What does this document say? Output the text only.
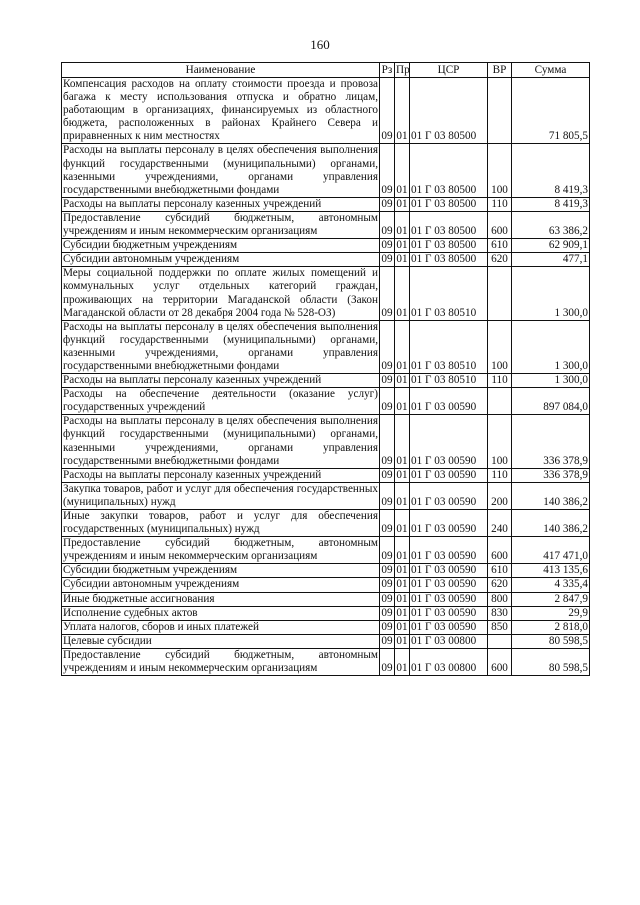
160
Наименование	Рз	Пр	ЦСР	ВР	Сумма
Компенсация расходов на оплату стоимости проезда и провоза багажа к месту использования отпуска и обратно лицам, работающим в организациях, финансируемых из областного бюджета, расположенных в районах Крайнего Севера и приравненных к ним местностях	09	01	01 Г 03 80500		71 805,5
Расходы на выплаты персоналу в целях обеспечения выполнения функций государственными (муниципальными) органами, казенными учреждениями, органами управления государственными внебюджетными фондами	09	01	01 Г 03 80500	100	8 419,3
Расходы на выплаты персоналу казенных учреждений	09	01	01 Г 03 80500	110	8 419,3
Предоставление субсидий бюджетным, автономным учреждениям и иным некоммерческим организациям	09	01	01 Г 03 80500	600	63 386,2
Субсидии бюджетным учреждениям	09	01	01 Г 03 80500	610	62 909,1
Субсидии автономным учреждениям	09	01	01 Г 03 80500	620	477,1
Меры социальной поддержки по оплате жилых помещений и коммунальных услуг отдельных категорий граждан, проживающих на территории Магаданской области (Закон Магаданской области от 28 декабря 2004 года № 528-ОЗ)	09	01	01 Г 03 80510		1 300,0
Расходы на выплаты персоналу в целях обеспечения выполнения функций государственными (муниципальными) органами, казенными учреждениями, органами управления государственными внебюджетными фондами	09	01	01 Г 03 80510	100	1 300,0
Расходы на выплаты персоналу казенных учреждений	09	01	01 Г 03 80510	110	1 300,0
Расходы на обеспечение деятельности (оказание услуг) государственных учреждений	09	01	01 Г 03 00590		897 084,0
Расходы на выплаты персоналу в целях обеспечения выполнения функций государственными (муниципальными) органами, казенными учреждениями, органами управления государственными внебюджетными фондами	09	01	01 Г 03 00590	100	336 378,9
Расходы на выплаты персоналу казенных учреждений	09	01	01 Г 03 00590	110	336 378,9
Закупка товаров, работ и услуг для обеспечения государственных (муниципальных) нужд	09	01	01 Г 03 00590	200	140 386,2
Иные закупки товаров, работ и услуг для обеспечения государственных (муниципальных) нужд	09	01	01 Г 03 00590	240	140 386,2
Предоставление субсидий бюджетным, автономным учреждениям и иным некоммерческим организациям	09	01	01 Г 03 00590	600	417 471,0
Субсидии бюджетным учреждениям	09	01	01 Г 03 00590	610	413 135,6
Субсидии автономным учреждениям	09	01	01 Г 03 00590	620	4 335,4
Иные бюджетные ассигнования	09	01	01 Г 03 00590	800	2 847,9
Исполнение судебных актов	09	01	01 Г 03 00590	830	29,9
Уплата налогов, сборов и иных платежей	09	01	01 Г 03 00590	850	2 818,0
Целевые субсидии	09	01	01 Г 03 00800		80 598,5
Предоставление субсидий бюджетным, автономным учреждениям и иным некоммерческим организациям	09	01	01 Г 03 00800	600	80 598,5
